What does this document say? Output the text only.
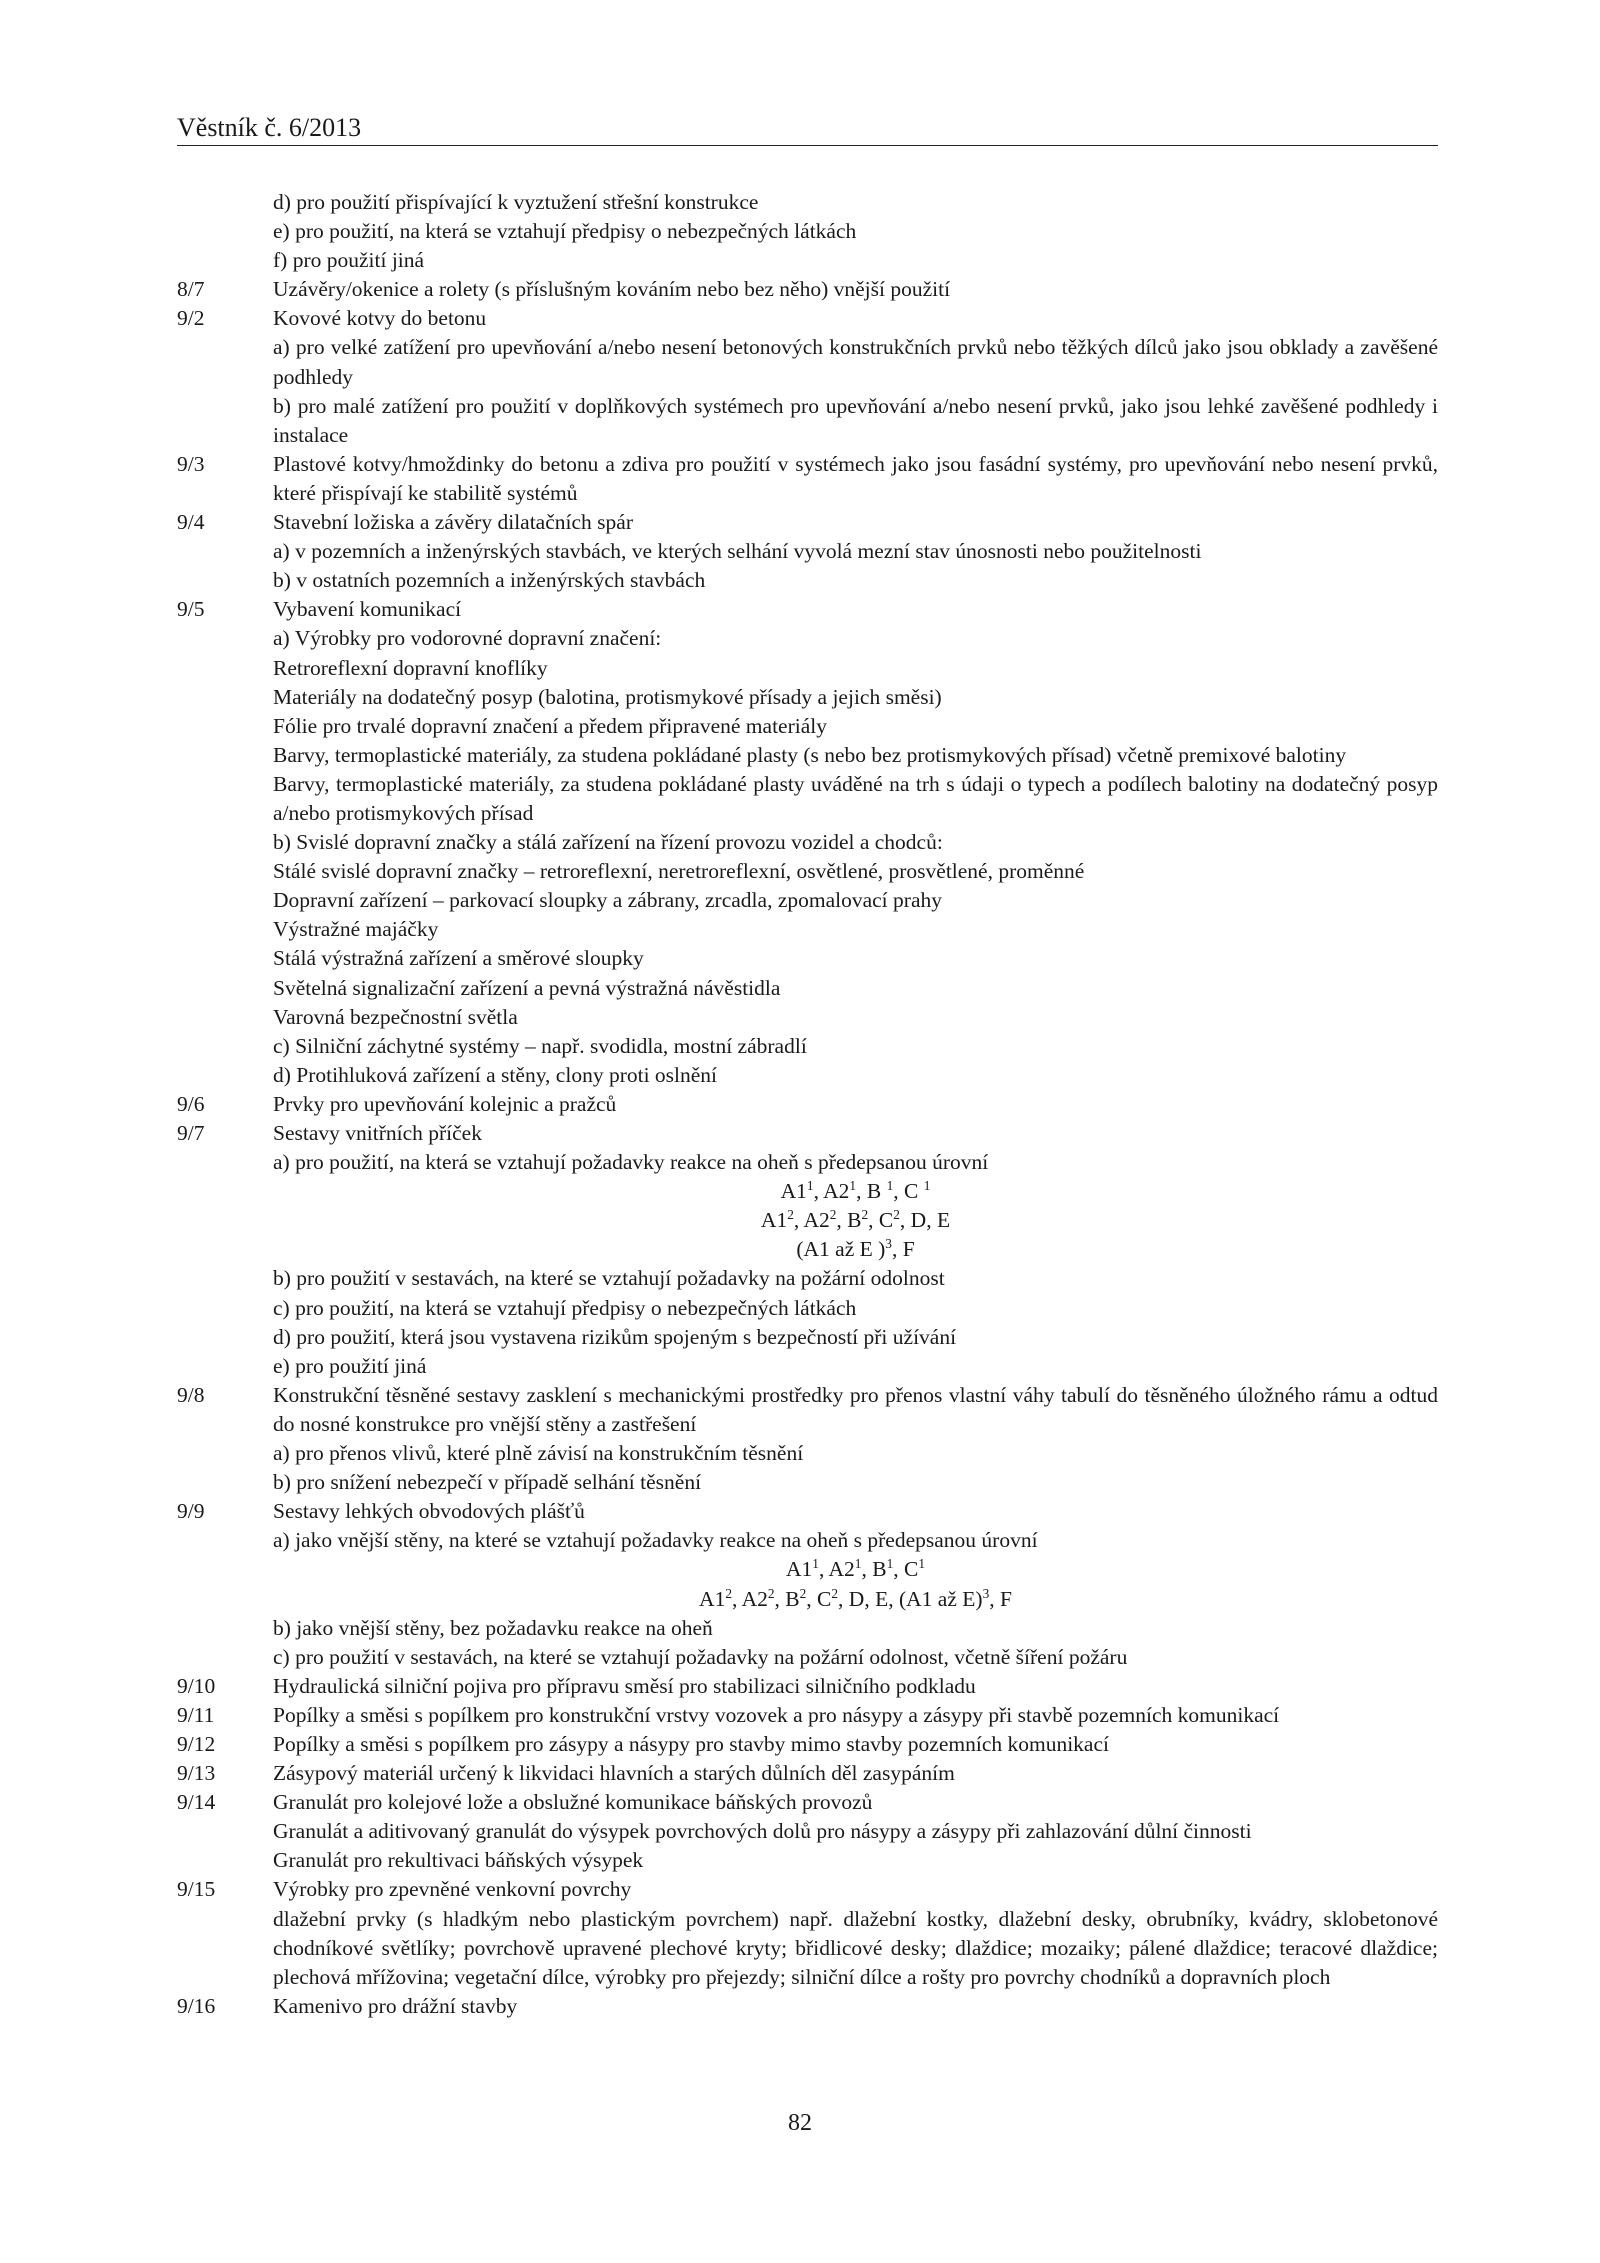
Věstník č. 6/2013
d) pro použití přispívající k vyztužení střešní konstrukce
e) pro použití, na která se vztahují předpisy o nebezpečných látkách
f) pro použití jiná
8/7	Uzávěry/okenice a rolety (s příslušným kováním nebo bez něho) vnější použití
9/2	Kovové kotvy do betonu
a) pro velké zatížení pro upevňování a/nebo nesení betonových konstrukčních prvků nebo těžkých dílců jako jsou obklady a zavěšené podhledy
b) pro malé zatížení pro použití v doplňkových systémech pro upevňování a/nebo nesení prvků, jako jsou lehké zavěšené podhledy i instalace
9/3	Plastové kotvy/hmoždinky do betonu a zdiva pro použití v systémech jako jsou fasádní systémy, pro upevňování nebo nesení prvků, které přispívají ke stabilitě systémů
9/4	Stavební ložiska a závěry dilatačních spár
a) v pozemních a inženýrských stavbách, ve kterých selhání vyvolá mezní stav únosnosti nebo použitelnosti
b) v ostatních pozemních a inženýrských stavbách
9/5	Vybavení komunikací
a) Výrobky pro vodorovné dopravní značení:
Retroreflexní dopravní knoflíky
Materiály na dodatečný posyp (balotina, protismykové přísady a jejich směsi)
Fólie pro trvalé dopravní značení a předem připravené materiály
Barvy, termoplastické materiály, za studena pokládané plasty (s nebo bez protismykových přísad) včetně premixové balotiny
Barvy, termoplastické materiály, za studena pokládané plasty uváděné na trh s údaji o typech a podílech balotiny na dodatečný posyp a/nebo protismykových přísad
b) Svislé dopravní značky a stálá zařízení na řízení provozu vozidel a chodců:
Stálé svislé dopravní značky – retroreflexní, neretroreflexní, osvětlené, prosvětlené, proměnné
Dopravní zařízení – parkovací sloupky a zábrany, zrcadla, zpomalovací prahy
Výstražné majáčky
Stálá výstražná zařízení a směrové sloupky
Světelná signalizační zařízení a pevná výstražná návěstidla
Varovná bezpečnostní světla
c) Silniční záchytné systémy – např. svodidla, mostní zábradlí
d) Protihluková zařízení a stěny, clony proti oslnění
9/6	Prvky pro upevňování kolejnic a pražců
9/7	Sestavy vnitřních příček
a) pro použití, na která se vztahují požadavky reakce na oheň s předepsanou úrovní
$A1^1$, $A2^1$, B $^1$, C $^1$
$A1^2$, $A2^2$, $B^2$, $C^2$, D, E
(A1 až E )$^3$, F
b) pro použití v sestavách, na které se vztahují požadavky na požární odolnost
c) pro použití, na která se vztahují předpisy o nebezpečných látkách
d) pro použití, která jsou vystavena rizikům spojeným s bezpečností při užívání
e) pro použití jiná
9/8	Konstrukční těsněné sestavy zasklení s mechanickými prostředky pro přenos vlastní váhy tabulí do těsněného úložného rámu a odtud do nosné konstrukce pro vnější stěny a zastřešení
a) pro přenos vlivů, které plně závisí na konstrukčním těsnění
b) pro snížení nebezpečí v případě selhání těsnění
9/9	Sestavy lehkých obvodových plášťů
a) jako vnější stěny, na které se vztahují požadavky reakce na oheň s předepsanou úrovní
$A1^1$, $A2^1$, $B^1$, $C^1$
$A1^2$, $A2^2$, $B^2$, $C^2$, D, E, (A1 až E)$^3$, F
b) jako vnější stěny, bez požadavku reakce na oheň
c) pro použití v sestavách, na které se vztahují požadavky na požární odolnost, včetně šíření požáru
9/10	Hydraulická silniční pojiva pro přípravu směsí pro stabilizaci silničního podkladu
9/11	Popílky a směsi s popílkem pro konstrukční vrstvy vozovek a pro násypy a zásypy při stavbě pozemních komunikací
9/12	Popílky a směsi s popílkem pro zásypy a násypy pro stavby mimo stavby pozemních komunikací
9/13	Zásypový materiál určený k likvidaci hlavních a starých důlních děl zasypáním
9/14	Granulát pro kolejové lože a obslužné komunikace báňských provozů
Granulát a aditivovaný granulát do výsypek povrchových dolů pro násypy a zásypy při zahlazování důlní činnosti
Granulát pro rekultivaci báňských výsypek
9/15	Výrobky pro zpevněné venkovní povrchy
dlažební prvky (s hladkým nebo plastickým povrchem) např. dlažební kostky, dlažební desky, obrubníky, kvádry, sklobetonové chodníkové světlíky; povrchově upravené plechové kryty; břidlicové desky; dlaždice; mozaiky; pálené dlaždice; teracové dlaždice; plechová mřížovina; vegetační dílce, výrobky pro přejezdy; silniční dílce a rošty pro povrchy chodníků a dopravních ploch
9/16	Kamenivo pro drážní stavby
82
